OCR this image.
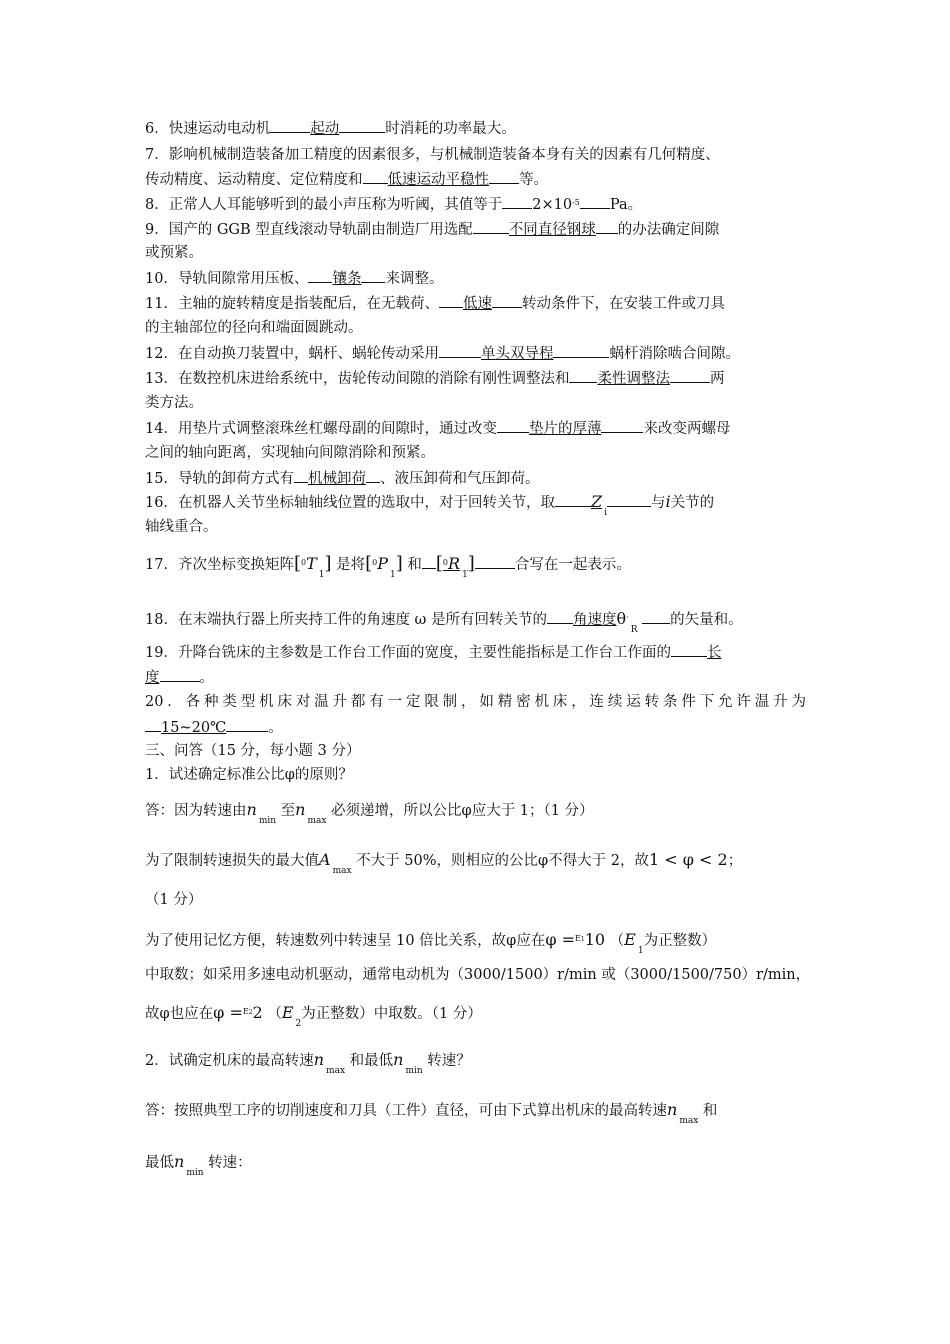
6．快速运动电动机	起动	时消耗的功率最大。
7．影响机械制造装备加工精度的因素很多，与机械制造装备本身有关的因素有几何精度、
传动精度、运动精度、定位精度和 低速运动平稳性 等。
8．正常人人耳能够听到的最小声压称为听阈，其值等于 $2\times 10^{-5}$ Pa。
9．国产的 GGB 型直线滚动导轨副由制造厂用选配 不同直径钢球 的办法确定间隙
或预紧。
10．导轨间隙常用压板、 镶条 来调整。
11．主轴的旋转精度是指装配后，在无载荷、 低速 转动条件下，在安装工件或刀具
的主轴部位的径向和端面圆跳动。
12．在自动换刀装置中，蜗杆、蜗轮传动采用	单头双导程	蜗杆消除啮合间隙。
13．在数控机床进给系统中，齿轮传动间隙的消除有刚性调整法和 柔性调整法	两
类方法。
14．用垫片式调整滚珠丝杠螺母副的间隙时，通过改变 垫片的厚薄	来改变两螺母
之间的轴向距离，实现轴向间隙消除和预紧。
15．导轨的卸荷方式有 机械卸荷 、液压卸荷和气压卸荷。
16．在机器人关节坐标轴轴线位置的选取中，对于回转关节，取 $Z_i$与i关节的
轴线重合。
17．齐次坐标变换矩阵$[^0T_1]$ 是将$[^0P_1]$ 和 $[^0R_1]$	合写在一起表示。
18．在末端执行器上所夹持工件的角速度 ω 是所有回转关节的 角速度$\theta^\cdot_R$ 的矢量和。
19．升降台铣床的主参数是工作台工作面的宽度，主要性能指标是工作台工作面的 长
度	。
20．各种类型机床对温升都有一定限制，如精密机床，连续运转条件下允许温升为
15~20℃	。
三、问答（15 分，每小题 3 分）
1．试述确定标准公比φ的原则？
答：因为转速由$n_{min}$ 至$n_{max}$ 必须递增，所以公比φ应大于 1；（1 分）
为了限制转速损失的最大值$A_{max}$ 不大于 50%，则相应的公比φ不得大于 2，故1 < φ < 2；
（1 分）
为了使用记忆方便，转速数列中转速呈 10 倍比关系，故φ应在φ =$^{E1}$10 （$E_1$为正整数）
中取数；如采用多速电动机驱动，通常电动机为（3000/1500）r/min 或（3000/1500/750）r/min，
故φ也应在φ =$^{E2}$2 （$E_2$为正整数）中取数。（1 分）
2．试确定机床的最高转速$n_{max}$ 和最低$n_{min}$ 转速？
答：按照典型工序的切削速度和刀具（工件）直径，可由下式算出机床的最高转速$n_{max}$ 和
最低$n_{min}$ 转速：
